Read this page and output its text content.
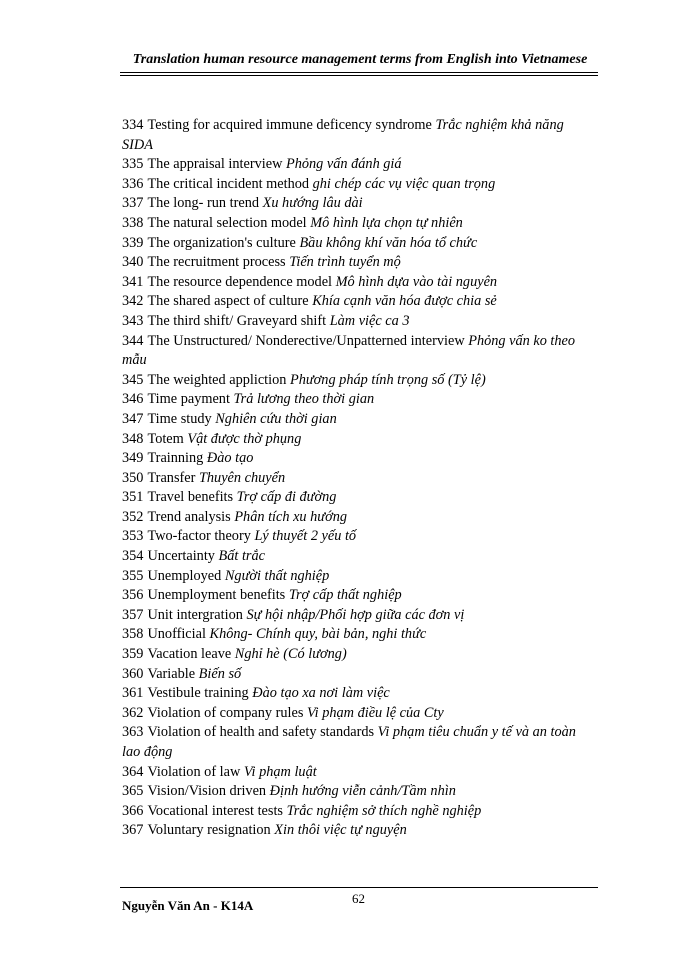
Translation human resource management terms from English into Vietnamese

334 Testing for acquired immune deficency syndrome Trắc nghiệm khả năng SIDA

335 The appraisal interview Phỏng vấn đánh giá

336 The critical incident method ghi chép các vụ việc quan trọng

337 The long- run trend Xu hướng lâu dài

338 The natural selection model Mô hình lựa chọn tự nhiên

339 The organization's culture Bầu không khí văn hóa tổ chức

340 The recruitment process Tiến trình tuyển mộ

341 The resource dependence model Mô hình dựa vào tài nguyên

342 The shared aspect of culture Khía cạnh văn hóa được chia sẻ

343 The third shift/ Graveyard shift Làm việc ca 3

344 The Unstructured/ Nonderective/Unpatterned interview Phỏng vấn ko theo mẫu

345 The weighted appliction Phương pháp tính trọng số (Tỷ lệ)

346 Time payment Trả lương theo thời gian

347 Time study Nghiên cứu thời gian

348 Totem Vật được thờ phụng

349 Trainning Đào tạo

350 Transfer Thuyên chuyển

351 Travel benefits Trợ cấp đi đường

352 Trend analysis Phân tích xu hướng

353 Two-factor theory Lý thuyết 2 yếu tố

354 Uncertainty Bất trắc

355 Unemployed Người thất nghiệp

356 Unemployment benefits Trợ cấp thất nghiệp

357 Unit intergration Sự hội nhập/Phối hợp giữa các đơn vị

358 Unofficial Không- Chính quy, bài bản, nghi thức

359 Vacation leave Nghỉ hè (Có lương)

360 Variable Biến số

361 Vestibule training Đào tạo xa nơi làm việc

362 Violation of company rules Vi phạm điều lệ của Cty

363 Violation of health and safety standards Vi phạm tiêu chuẩn y tế và an toàn lao động

364 Violation of law Vi phạm luật

365 Vision/Vision driven Định hướng viễn cảnh/Tầm nhìn

366 Vocational interest tests Trắc nghiệm sở thích nghề nghiệp

367 Voluntary resignation Xin thôi việc tự nguyện

Nguyễn Văn An - K14A	62
